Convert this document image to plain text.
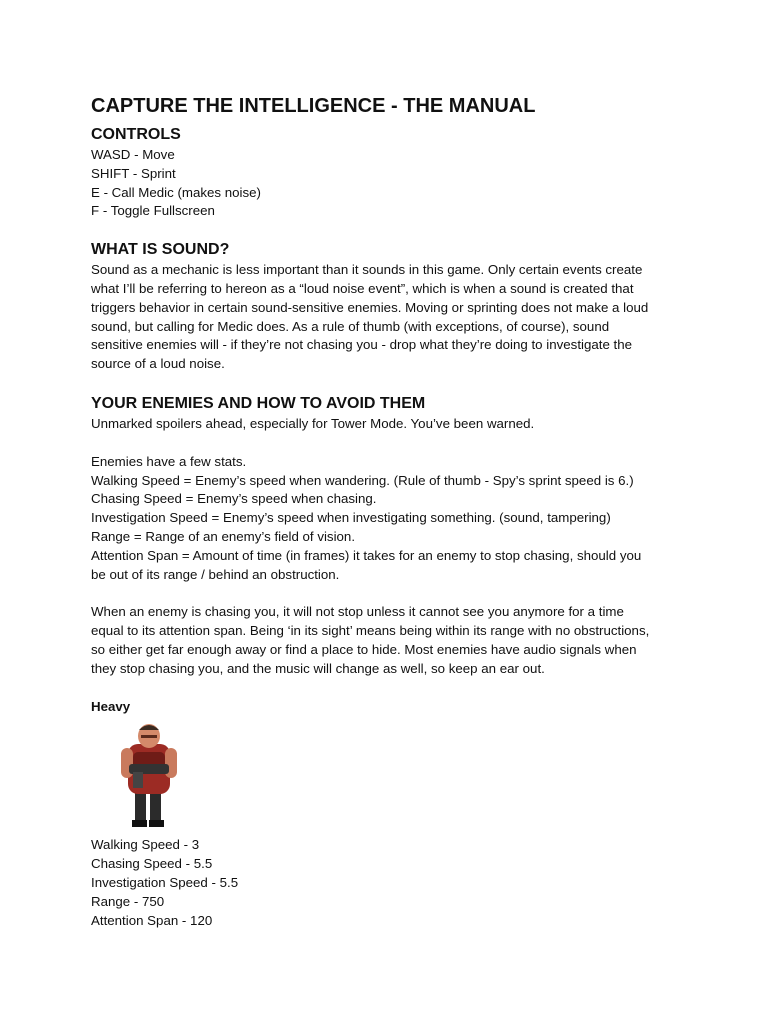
CAPTURE THE INTELLIGENCE - THE MANUAL
CONTROLS
WASD - Move
SHIFT - Sprint
E - Call Medic (makes noise)
F - Toggle Fullscreen
WHAT IS SOUND?
Sound as a mechanic is less important than it sounds in this game. Only certain events create
what I’ll be referring to hereon as a “loud noise event”, which is when a sound is created that
triggers behavior in certain sound-sensitive enemies. Moving or sprinting does not make a loud
sound, but calling for Medic does. As a rule of thumb (with exceptions, of course), sound
sensitive enemies will - if they’re not chasing you - drop what they’re doing to investigate the
source of a loud noise.
YOUR ENEMIES AND HOW TO AVOID THEM
Unmarked spoilers ahead, especially for Tower Mode. You’ve been warned.
Enemies have a few stats.
Walking Speed = Enemy’s speed when wandering. (Rule of thumb - Spy’s sprint speed is 6.)
Chasing Speed = Enemy’s speed when chasing.
Investigation Speed = Enemy’s speed when investigating something. (sound, tampering)
Range = Range of an enemy’s field of vision.
Attention Span = Amount of time (in frames) it takes for an enemy to stop chasing, should you
be out of its range / behind an obstruction.
When an enemy is chasing you, it will not stop unless it cannot see you anymore for a time
equal to its attention span. Being ‘in its sight’ means being within its range with no obstructions,
so either get far enough away or find a place to hide. Most enemies have audio signals when
they stop chasing you, and the music will change as well, so keep an ear out.
Heavy
Walking Speed - 3
Chasing Speed - 5.5
Investigation Speed - 5.5
Range - 750
Attention Span - 120
